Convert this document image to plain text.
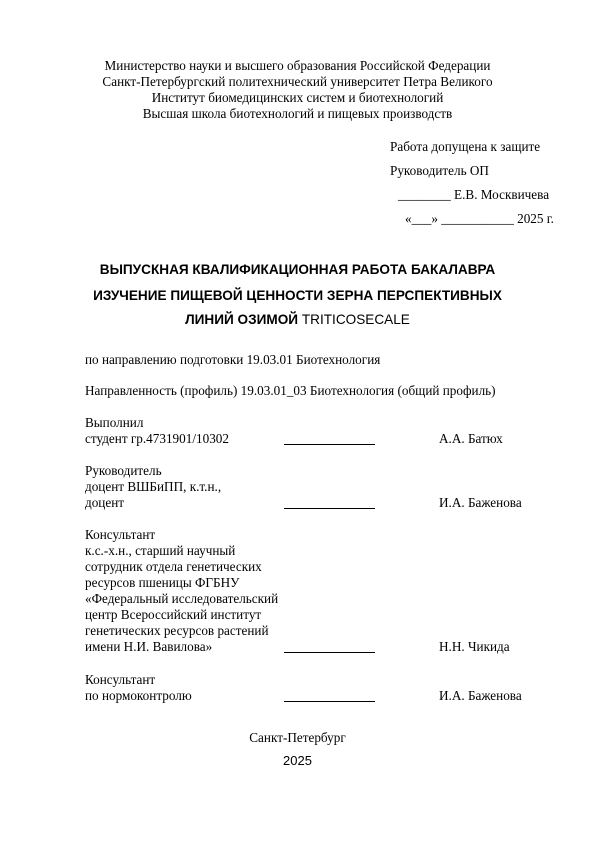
Министерство науки и высшего образования Российской Федерации
Санкт-Петербургский политехнический университет Петра Великого
Институт биомедицинских систем и биотехнологий
Высшая школа биотехнологий и пищевых производств
Работа допущена к защите
Руководитель ОП
________ Е.В. Москвичева
«___» ___________ 2025 г.
ВЫПУСКНАЯ КВАЛИФИКАЦИОННАЯ РАБОТА БАКАЛАВРА
ИЗУЧЕНИЕ ПИЩЕВОЙ ЦЕННОСТИ ЗЕРНА ПЕРСПЕКТИВНЫХ
ЛИНИЙ ОЗИМОЙ TRITICOSECALE
по направлению подготовки 19.03.01 Биотехнология
Направленность (профиль) 19.03.01_03 Биотехнология (общий профиль)
Выполнил
студент гр.4731901/10302	А.А. Батюх
Руководитель
доцент ВШБиПП, к.т.н.,
доцент	И.А. Баженова
Консультант
к.с.-х.н., старший научный
сотрудник отдела генетических
ресурсов пшеницы ФГБНУ
«Федеральный исследовательский
центр Всероссийский институт
генетических ресурсов растений
имени Н.И. Вавилова»	Н.Н. Чикида
Консультант
по нормоконтролю	И.А. Баженова
Санкт-Петербург
2025
